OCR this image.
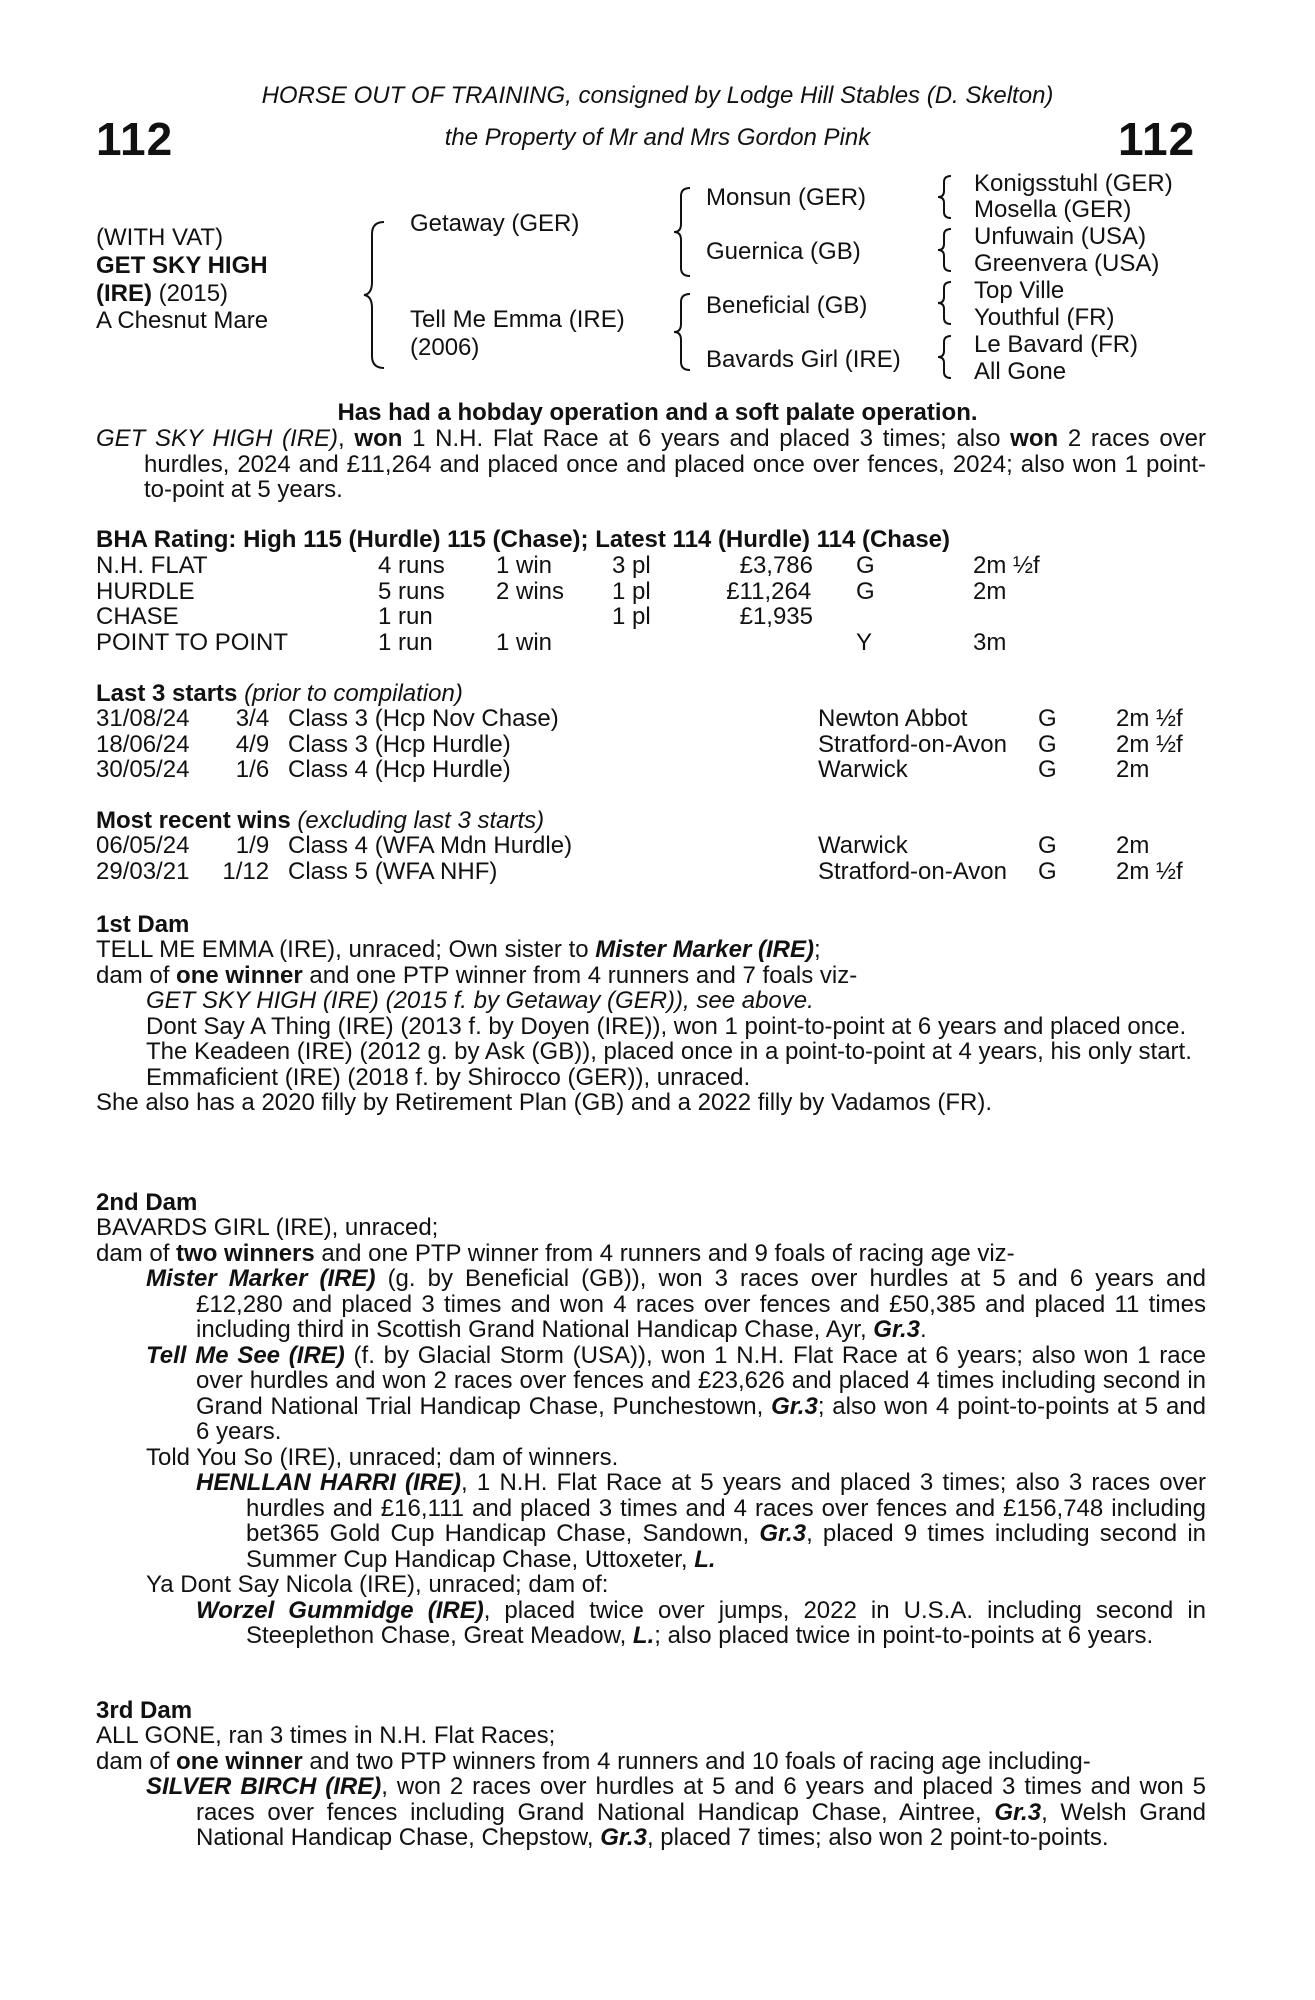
112	112
HORSE OUT OF TRAINING, consigned by Lodge Hill Stables (D. Skelton)
the Property of Mr and Mrs Gordon Pink
(WITH VAT)
GET SKY HIGH
(IRE) (2015)
A Chesnut Mare
Getaway (GER)
Tell Me Emma (IRE)
(2006)
Monsun (GER)
Guernica (GB)
Beneficial (GB)
Bavards Girl (IRE)
Konigsstuhl (GER)
Mosella (GER)
Unfuwain (USA)
Greenvera (USA)
Top Ville
Youthful (FR)
Le Bavard (FR)
All Gone
Has had a hobday operation and a soft palate operation.
GET SKY HIGH (IRE), won 1 N.H. Flat Race at 6 years and placed 3 times; also won 2 races over hurdles, 2024 and £11,264 and placed once and placed once over fences, 2024; also won 1 point-to-point at 5 years.
BHA Rating: High 115 (Hurdle) 115 (Chase); Latest 114 (Hurdle) 114 (Chase)
N.H. FLAT	4 runs 1 win 3 pl	£3,786 G	2m ½f
HURDLE	5 runs 2 wins 1 pl	£11,264 G	2m
CHASE	1 run	1 pl	£1,935
POINT TO POINT	1 run	1 win	Y	3m
Last 3 starts (prior to compilation)
31/08/24 3/4 Class 3 (Hcp Nov Chase)	Newton Abbot	G 2m ½f
18/06/24 4/9 Class 3 (Hcp Hurdle)	Stratford-on-Avon G 2m ½f
30/05/24 1/6 Class 4 (Hcp Hurdle)	Warwick	G 2m
Most recent wins (excluding last 3 starts)
06/05/24 1/9 Class 4 (WFA Mdn Hurdle)	Warwick	G 2m
29/03/21 1/12 Class 5 (WFA NHF)	Stratford-on-Avon G 2m ½f
1st Dam
TELL ME EMMA (IRE), unraced; Own sister to Mister Marker (IRE);
dam of one winner and one PTP winner from 4 runners and 7 foals viz-
GET SKY HIGH (IRE) (2015 f. by Getaway (GER)), see above.
Dont Say A Thing (IRE) (2013 f. by Doyen (IRE)), won 1 point-to-point at 6 years and placed once.
The Keadeen (IRE) (2012 g. by Ask (GB)), placed once in a point-to-point at 4 years, his only start.
Emmaficient (IRE) (2018 f. by Shirocco (GER)), unraced.
She also has a 2020 filly by Retirement Plan (GB) and a 2022 filly by Vadamos (FR).
2nd Dam
BAVARDS GIRL (IRE), unraced;
dam of two winners and one PTP winner from 4 runners and 9 foals of racing age viz-
Mister Marker (IRE) (g. by Beneficial (GB)), won 3 races over hurdles at 5 and 6 years and £12,280 and placed 3 times and won 4 races over fences and £50,385 and placed 11 times including third in Scottish Grand National Handicap Chase, Ayr, Gr.3.
Tell Me See (IRE) (f. by Glacial Storm (USA)), won 1 N.H. Flat Race at 6 years; also won 1 race over hurdles and won 2 races over fences and £23,626 and placed 4 times including second in Grand National Trial Handicap Chase, Punchestown, Gr.3; also won 4 point-to-points at 5 and 6 years.
Told You So (IRE), unraced; dam of winners.
HENLLAN HARRI (IRE), 1 N.H. Flat Race at 5 years and placed 3 times; also 3 races over hurdles and £16,111 and placed 3 times and 4 races over fences and £156,748 including bet365 Gold Cup Handicap Chase, Sandown, Gr.3, placed 9 times including second in Summer Cup Handicap Chase, Uttoxeter, L.
Ya Dont Say Nicola (IRE), unraced; dam of:
Worzel Gummidge (IRE), placed twice over jumps, 2022 in U.S.A. including second in Steeplethon Chase, Great Meadow, L.; also placed twice in point-to-points at 6 years.
3rd Dam
ALL GONE, ran 3 times in N.H. Flat Races;
dam of one winner and two PTP winners from 4 runners and 10 foals of racing age including-
SILVER BIRCH (IRE), won 2 races over hurdles at 5 and 6 years and placed 3 times and won 5 races over fences including Grand National Handicap Chase, Aintree, Gr.3, Welsh Grand National Handicap Chase, Chepstow, Gr.3, placed 7 times; also won 2 point-to-points.
